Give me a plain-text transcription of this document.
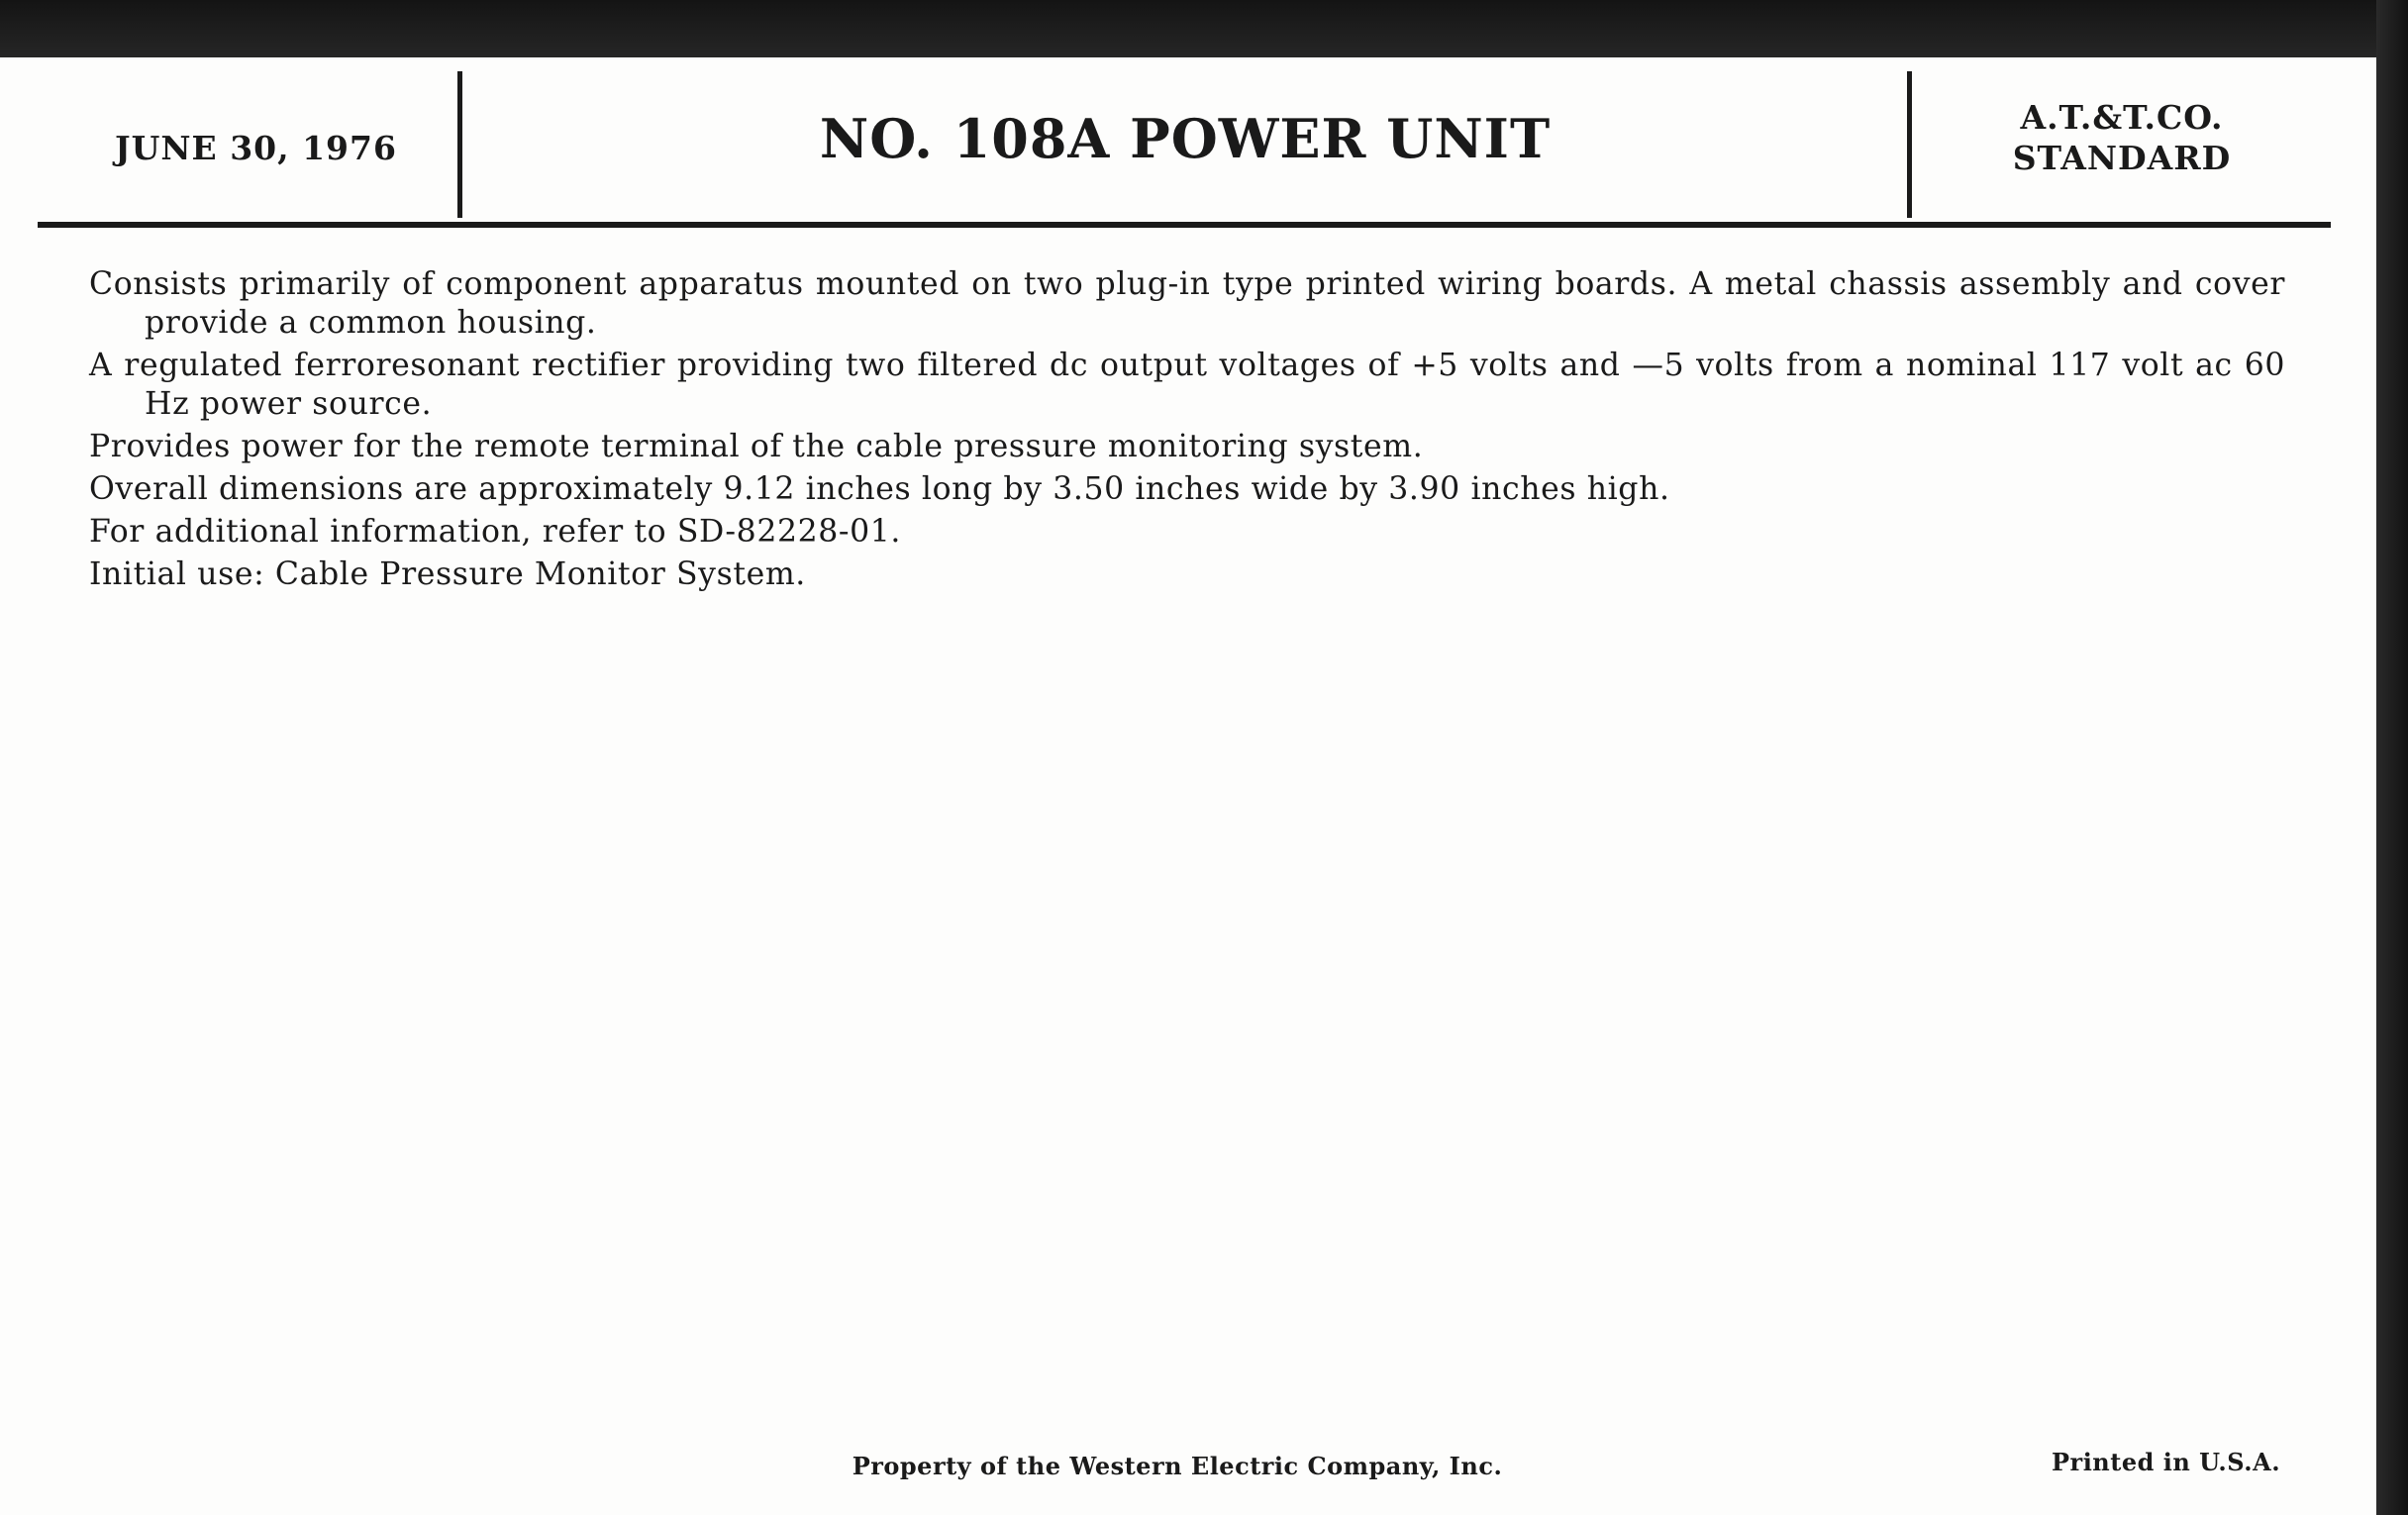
JUNE 30, 1976	NO. 108A POWER UNIT	A.T.&T.CO.
STANDARD

Consists primarily of component apparatus mounted on two plug-in type printed wiring boards. A metal chassis assembly and cover provide a common housing.

A regulated ferroresonant rectifier providing two filtered dc output voltages of +5 volts and —5 volts from a nominal 117 volt ac 60 Hz power source.

Provides power for the remote terminal of the cable pressure monitoring system.

Overall dimensions are approximately 9.12 inches long by 3.50 inches wide by 3.90 inches high.

For additional information, refer to SD-82228-01.

Initial use: Cable Pressure Monitor System.

Property of the Western Electric Company, Inc.	Printed in U.S.A.
